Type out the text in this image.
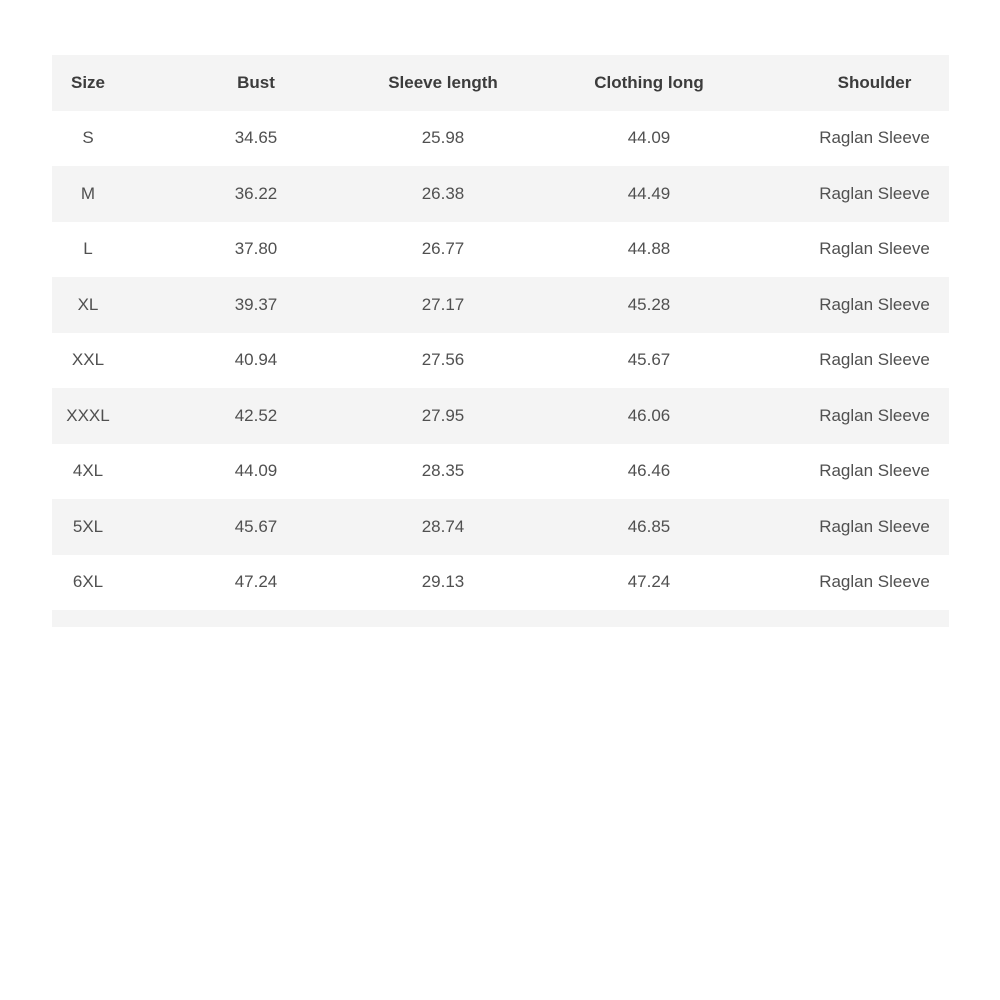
Size	Bust	Sleeve length	Clothing long	Shoulder
S	34.65	25.98	44.09	Raglan Sleeve
M	36.22	26.38	44.49	Raglan Sleeve
L	37.80	26.77	44.88	Raglan Sleeve
XL	39.37	27.17	45.28	Raglan Sleeve
XXL	40.94	27.56	45.67	Raglan Sleeve
XXXL	42.52	27.95	46.06	Raglan Sleeve
4XL	44.09	28.35	46.46	Raglan Sleeve
5XL	45.67	28.74	46.85	Raglan Sleeve
6XL	47.24	29.13	47.24	Raglan Sleeve
